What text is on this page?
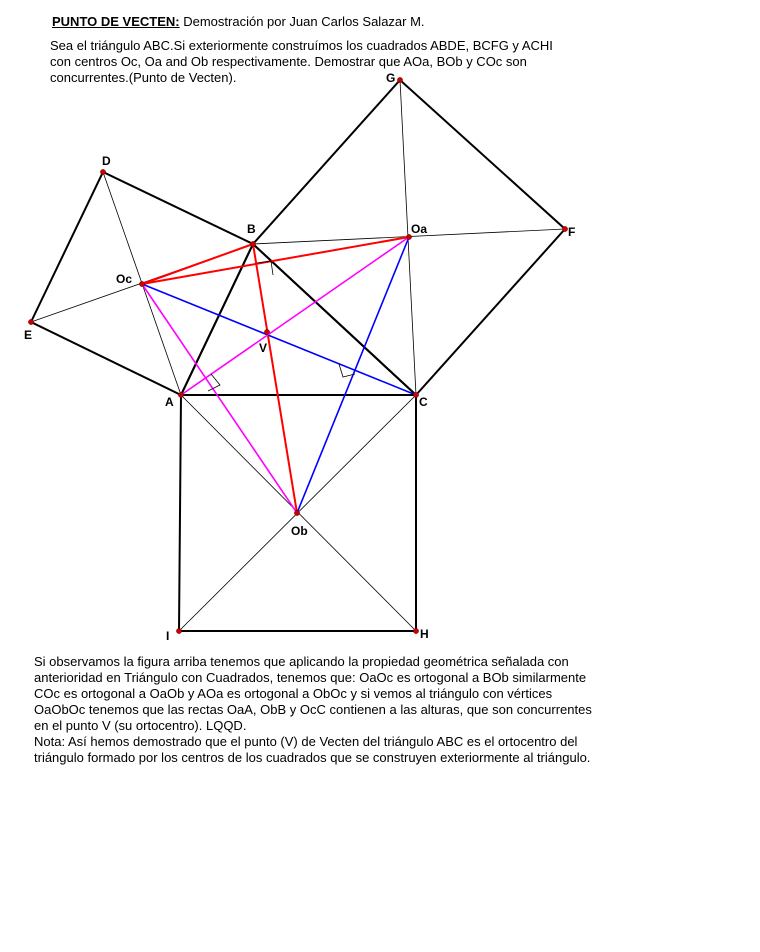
PUNTO DE VECTEN: Demostración por Juan Carlos Salazar M.
Sea el triángulo ABC.Si exteriormente construímos los cuadrados ABDE, BCFG y ACHI
con centros Oc, Oa and Ob respectivamente. Demostrar que AOa, BOb y COc son
concurrentes.(Punto de Vecten).
A
B
C
D
E
F
G
H
I
Oa
Ob
Oc
V
Si observamos la figura arriba tenemos que aplicando la propiedad geométrica señalada con
anterioridad en Triángulo con Cuadrados, tenemos que: OaOc es ortogonal a BOb similarmente
COc es ortogonal a OaOb y AOa es ortogonal a ObOc y si vemos al triángulo con vértices
OaObOc tenemos que las rectas OaA, ObB y OcC contienen a las alturas, que son concurrentes
en el punto V (su ortocentro). LQQD.
Nota: Así hemos demostrado que el punto (V) de Vecten del triángulo ABC es el ortocentro del
triángulo formado por los centros de los cuadrados que se construyen exteriormente al triángulo.
